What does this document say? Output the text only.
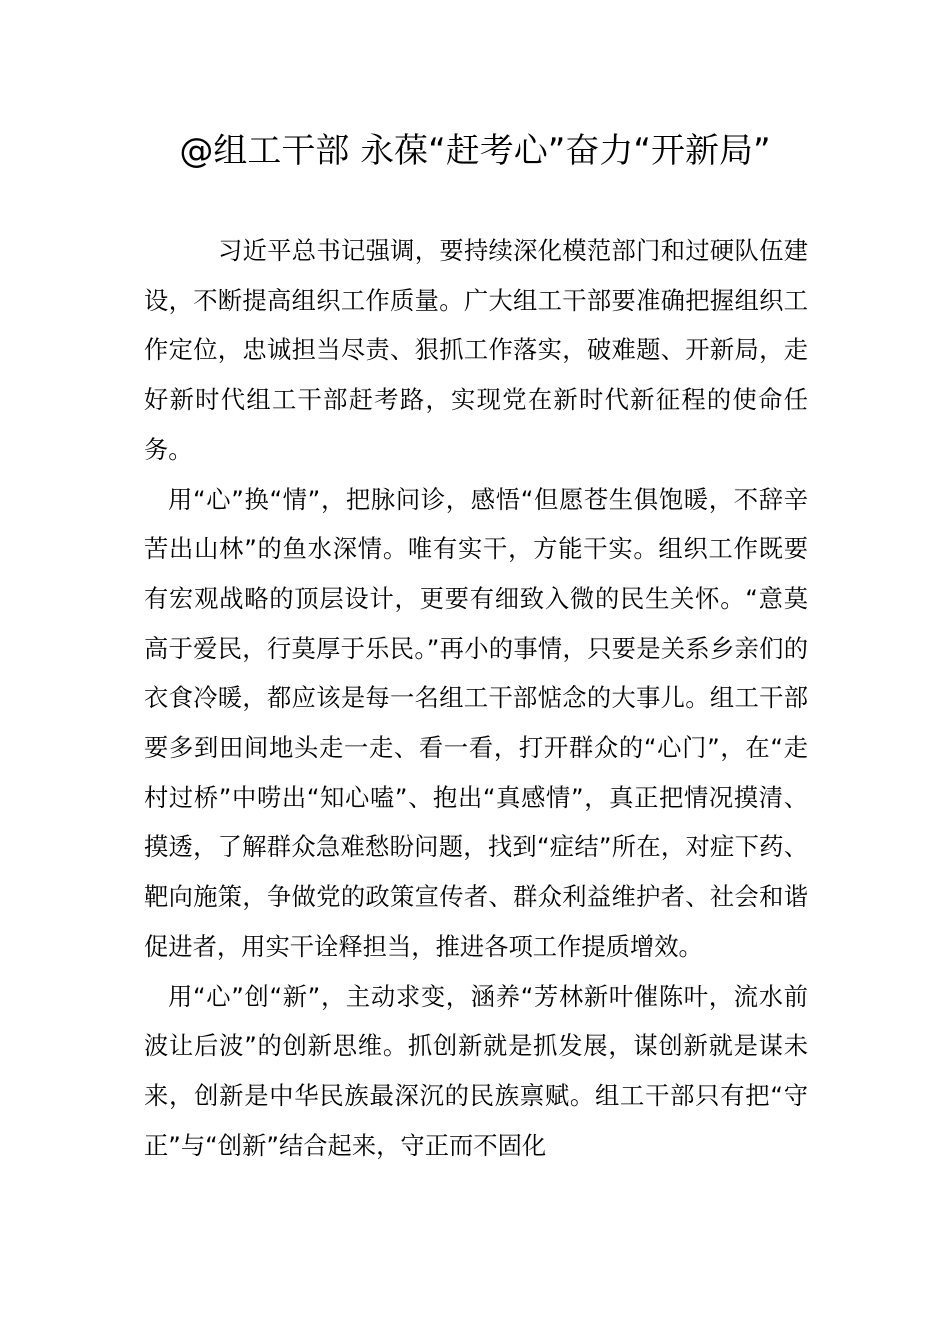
@组工干部 永葆“赶考心”奋力“开新局”

习近平总书记强调，要持续深化模范部门和过硬队伍建设，不断提高组织工作质量。广大组工干部要准确把握组织工作定位，忠诚担当尽责、狠抓工作落实，破难题、开新局，走好新时代组工干部赶考路，实现党在新时代新征程的使命任务。

用“心”换“情”，把脉问诊，感悟“但愿苍生俱饱暖，不辞辛苦出山林”的鱼水深情。唯有实干，方能干实。组织工作既要有宏观战略的顶层设计，更要有细致入微的民生关怀。“意莫高于爱民，行莫厚于乐民。”再小的事情，只要是关系乡亲们的衣食冷暖，都应该是每一名组工干部惦念的大事儿。组工干部要多到田间地头走一走、看一看，打开群众的“心门”，在“走村过桥”中唠出“知心嗑”、抱出“真感情”，真正把情况摸清、摸透，了解群众急难愁盼问题，找到“症结”所在，对症下药、靶向施策，争做党的政策宣传者、群众利益维护者、社会和谐促进者，用实干诠释担当，推进各项工作提质增效。

用“心”创“新”，主动求变，涵养“芳林新叶催陈叶，流水前波让后波”的创新思维。抓创新就是抓发展，谋创新就是谋未来，创新是中华民族最深沉的民族禀赋。组工干部只有把“守正”与“创新”结合起来，守正而不固化
